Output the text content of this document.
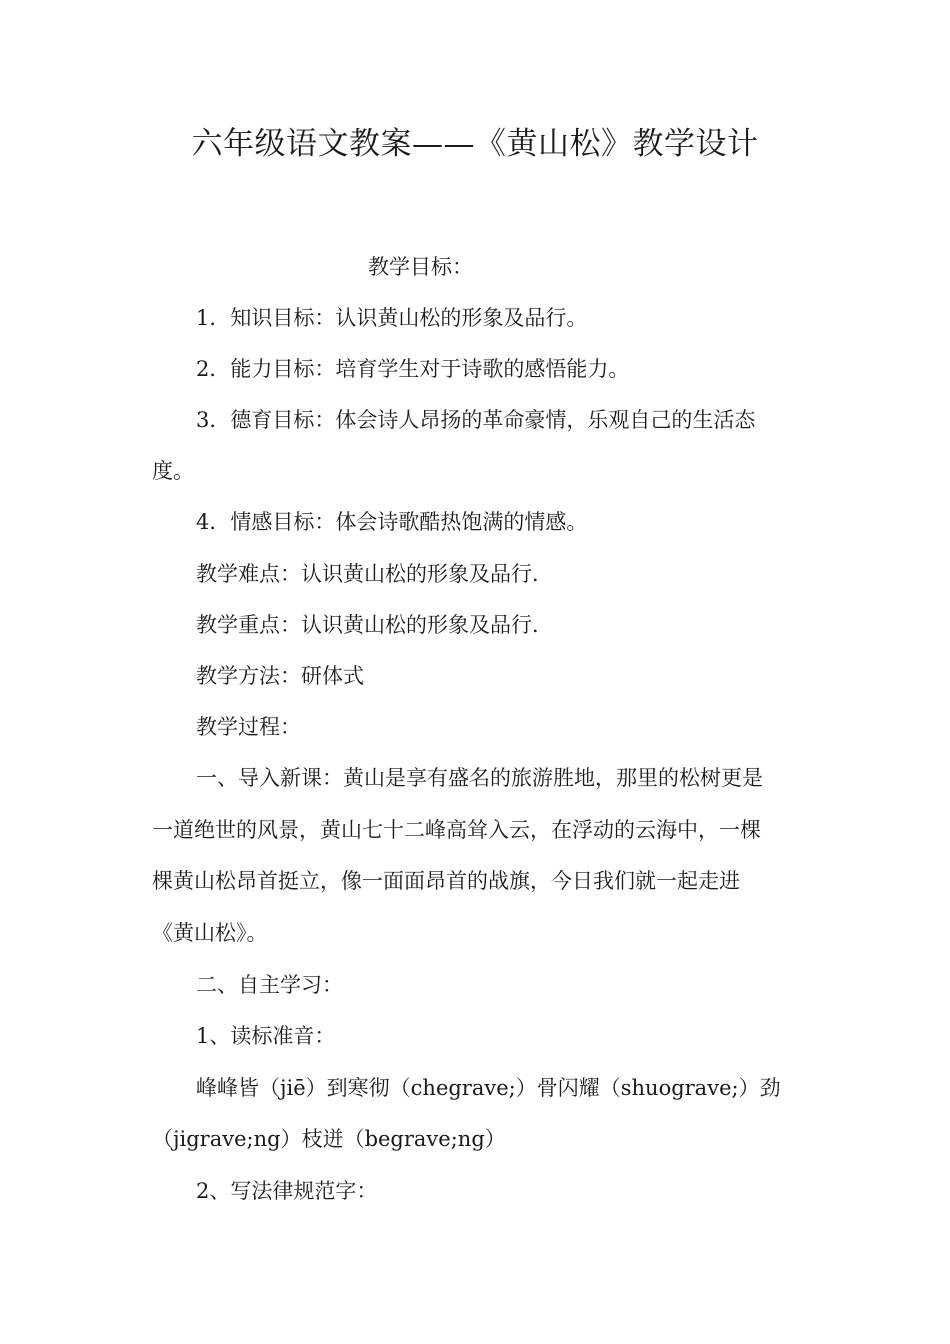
六年级语文教案——《黄山松》教学设计
教学目标：
1．知识目标：认识黄山松的形象及品行。
2．能力目标：培育学生对于诗歌的感悟能力。
3．德育目标：体会诗人昂扬的革命豪情，乐观自己的生活态
度。
4．情感目标：体会诗歌酷热饱满的情感。
教学难点：认识黄山松的形象及品行.
教学重点：认识黄山松的形象及品行.
教学方法：研体式
教学过程：
一、导入新课：黄山是享有盛名的旅游胜地，那里的松树更是
一道绝世的风景，黄山七十二峰高耸入云，在浮动的云海中，一棵
棵黄山松昂首挺立，像一面面昂首的战旗，今日我们就一起走进
《黄山松》。
二、自主学习：
1、读标准音：
峰峰皆（jiē）到寒彻（chegrave;）骨闪耀（shuograve;）劲
（jigrave;ng）枝迸（begrave;ng）
2、写法律规范字：
